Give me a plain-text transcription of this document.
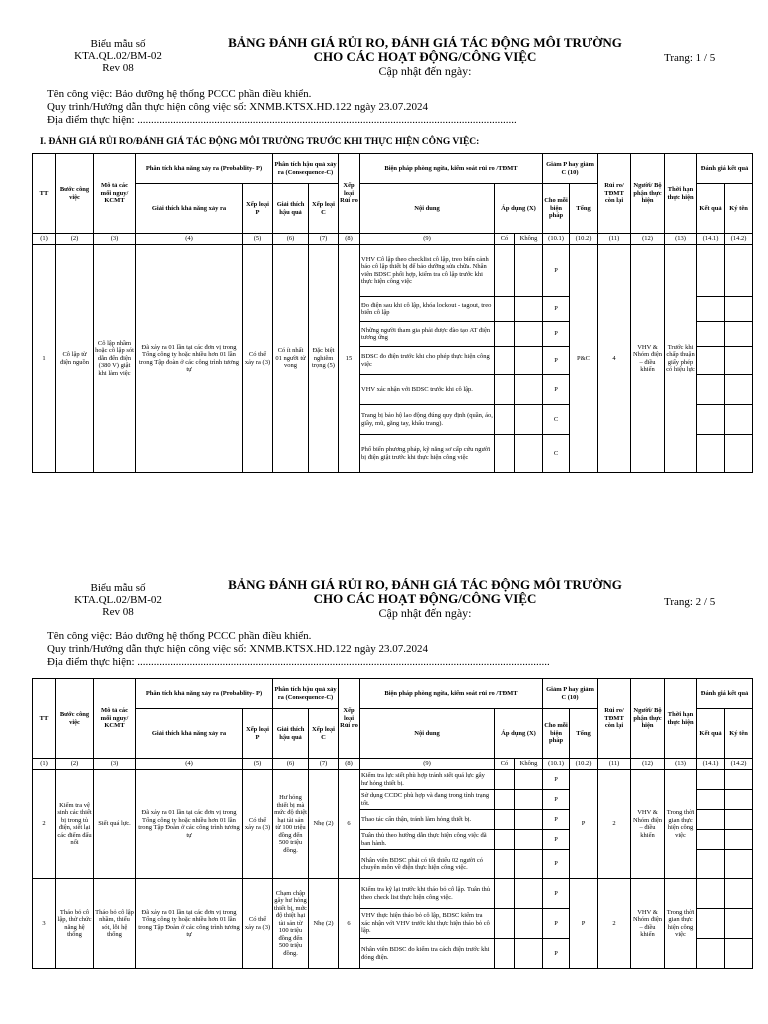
Biểu mẫu số
KTA.QL.02/BM-02
Rev 08
BẢNG ĐÁNH GIÁ RỦI RO, ĐÁNH GIÁ TÁC ĐỘNG MÔI TRƯỜNG
CHO CÁC HOẠT ĐỘNG/CÔNG VIỆC
Cập nhật đến ngày:
Trang: 1 / 5
Tên công việc: Bảo dưỡng hệ thống PCCC phần điều khiển.
Quy trình/Hướng dẫn thực hiện công việc số: XNMB.KTSX.HD.122 ngày 23.07.2024
Địa điểm thực hiện: ..........................................................................................................................................
I. ĐÁNH GIÁ RỦI RO/ĐÁNH GIÁ TÁC ĐỘNG MÔI TRƯỜNG TRƯỚC KHI THỰC HIỆN CÔNG VIỆC:
TT	Bước công việc	Mô tả các mối nguy/ KCMT	Phân tích khả năng xảy ra (Probablity- P)		Phân tích hậu quả xảy ra (Consequence-C)		Xếp loại Rủi ro	Biện pháp phòng ngừa, kiểm soát rủi ro /TĐMT			Giảm P hay giảm C (10)		Rủi ro/ TĐMT còn lại	Người/ Bộ phận thực hiện	Thời hạn thực hiện	Đánh giá kết quả	
			Giải thích khả năng xảy ra	Xếp loại P	Giải thích hậu quả	Xếp loại C		Nội dung	Áp dụng (X)		Cho mỗi biện pháp	Tổng				Kết quả	Ký tên
(1)	(2)	(3)	(4)	(5)	(6)	(7)	(8)	(9)	Có	Không	(10.1)	(10.2)	(11)	(12)	(13)	(14.1)	(14.2)
1	Cô lập từ điện nguồn	Cô lập nhầm hoặc cô lập sót dẫn đến điện (380 V) giật khi làm việc	Đã xảy ra 01 lần tại các đơn vị trong Tổng công ty hoặc nhiều hơn 01 lần trong Tập đoàn ở các công trình tương tự	Có thể xảy ra (3)	Có ít nhất 01 người tử vong	Đặc biệt nghiêm trọng (5)	15	VHV Cô lập theo checklist cô lập, treo biển cảnh báo cô lập thiết bị để bảo dưỡng sửa chữa. Nhân viên BDSC phối hợp, kiểm tra cô lập trước khi thực hiện công việc			P	P&C	4	VHV & Nhóm điện – điều khiển	Trước khi chấp thuận giấy phép có hiệu lực		
								Đo điện sau khi cô lập, khóa lockout - tagout, treo biển cô lập			P						
								Những người tham gia phải được đào tạo AT điện tương ứng			P						
								BDSC đo điện trước khi cho phép thực hiện công việc			P						
								VHV xác nhận với BDSC trước khi cô lập.			P						
								Trang bị bảo hộ lao động đúng quy định (quần, áo, giầy, mũ, găng tay, khẩu trang).			C						
								Phổ biến phương pháp, kỹ năng sơ cấp cứu người bị điện giật trước khi thực hiện công việc			C						
Biểu mẫu số
KTA.QL.02/BM-02
Rev 08
BẢNG ĐÁNH GIÁ RỦI RO, ĐÁNH GIÁ TÁC ĐỘNG MÔI TRƯỜNG
CHO CÁC HOẠT ĐỘNG/CÔNG VIỆC
Cập nhật đến ngày:
Trang: 2 / 5
Tên công việc: Bảo dưỡng hệ thống PCCC phần điều khiển.
Quy trình/Hướng dẫn thực hiện công việc số: XNMB.KTSX.HD.122 ngày 23.07.2024
Địa điểm thực hiện: ......................................................................................................................................................
TT	Bước công việc	Mô tả các mối nguy/ KCMT	Phân tích khả năng xảy ra (Probablity- P)		Phân tích hậu quả xảy ra (Consequence-C)		Xếp loại Rủi ro	Biện pháp phòng ngừa, kiểm soát rủi ro /TĐMT			Giảm P hay giảm C (10)		Rủi ro/ TĐMT còn lại	Người/ Bộ phận thực hiện	Thời hạn thực hiện	Đánh giá kết quả	
			Giải thích khả năng xảy ra	Xếp loại P	Giải thích hậu quả	Xếp loại C		Nội dung	Áp dụng (X)		Cho mỗi biện pháp	Tổng				Kết quả	Ký tên
(1)	(2)	(3)	(4)	(5)	(6)	(7)	(8)	(9)	Có	Không	(10.1)	(10.2)	(11)	(12)	(13)	(14.1)	(14.2)
2	Kiểm tra vệ sinh các thiết bị trong tủ điện, siết lại các điểm đấu nối	Siết quá lực.	Đã xảy ra 01 lần tại các đơn vị trong Tổng công ty hoặc nhiều hơn 01 lần trong Tập Đoàn ở các công trình tương tự	Có thể xảy ra (3)	Hư hỏng thiết bị mà mức độ thiệt hại tài sản từ 100 triệu đồng đến 500 triệu đồng.	Nhẹ (2)	6	Kiểm tra lực siết phù hợp tránh siết quá lực gây hư hỏng thiết bị.			P	P	2	VHV & Nhóm điện – điều khiển	Trong thời gian thực hiện công việc		
								Sử dụng CCDC phù hợp và đang trong tình trạng tốt.			P						
								Thao tác cẩn thận, tránh làm hỏng thiết bị.			P						
								Tuân thủ theo hướng dẫn thực hiện công việc đã ban hành.			P						
								Nhân viên BDSC phải có tối thiểu 02 người có chuyên môn về điện thực hiện công việc.			P						
3	Tháo bỏ cô lập, thử chức năng hệ thống	Tháo bỏ cô lập nhầm, thiếu sót, lỗi hệ thống	Đã xảy ra 01 lần tại các đơn vị trong Tổng công ty hoặc nhiều hơn 01 lần trong Tập Đoàn ở các công trình tương tự	Có thể xảy ra (3)	Chạm chập gây hư hỏng thiết bị, mức độ thiệt hại tài sản từ 100 triệu đồng đến 500 triệu đồng.	Nhẹ (2)	6	Kiểm tra kỹ lại trước khi tháo bỏ cô lập. Tuân thủ theo check list thực hiện công việc.			P	P	2	VHV & Nhóm điện – điều khiển	Trong thời gian thực hiện công việc		
								VHV thực hiện tháo bỏ cô lập, BDSC kiểm tra xác nhận với VHV trước khi thực hiện tháo bỏ cô lập.			P						
								Nhân viên BDSC đo kiểm tra cách điện trước khi đóng điện.			P						
